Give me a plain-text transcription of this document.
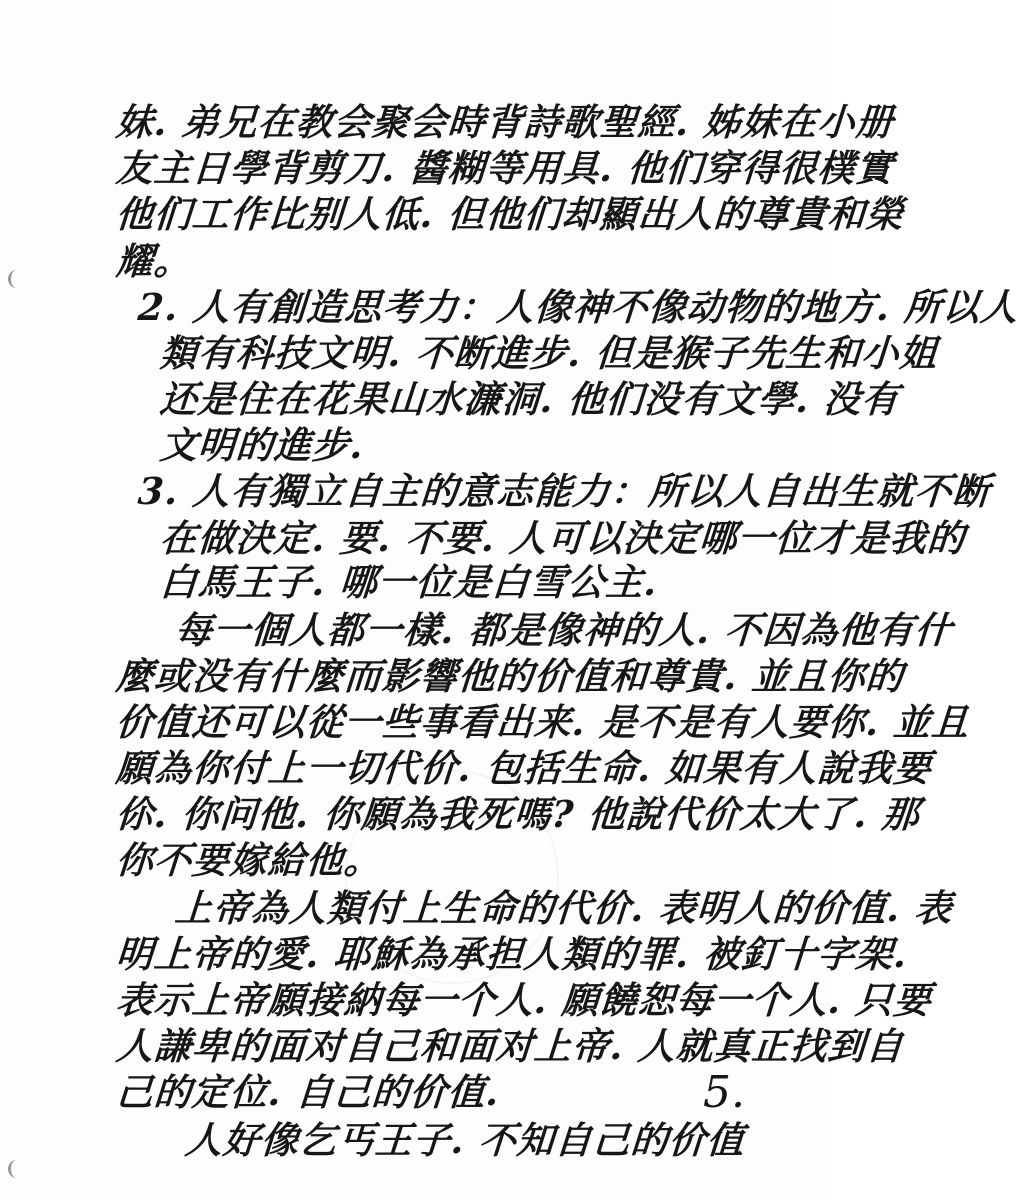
妹. 弟兄在教会聚会時背詩歌聖經. 姊妹在小册
友主日學背剪刀. 醬糊等用具. 他们穿得很樸實
他们工作比别人低. 但他们却顯出人的尊貴和榮
耀。
2. 人有創造思考力：人像神不像动物的地方. 所以人
類有科技文明. 不断進步. 但是猴子先生和小姐
还是住在花果山水濂洞. 他们没有文學. 没有
文明的進步.
3. 人有獨立自主的意志能力：所以人自出生就不断
在做決定. 要. 不要. 人可以決定哪一位才是我的
白馬王子. 哪一位是白雪公主.
每一個人都一樣. 都是像神的人. 不因為他有什
麼或没有什麼而影響他的价值和尊貴. 並且你的
价值还可以從一些事看出来. 是不是有人要你. 並且
願為你付上一切代价. 包括生命. 如果有人說我要
伱. 你问他. 你願為我死嗎? 他說代价太大了. 那
你不要嫁給他。
上帝為人類付上生命的代价. 表明人的价值. 表
明上帝的愛. 耶穌為承担人類的罪. 被釘十字架.
表示上帝願接納每一个人. 願饒恕每一个人. 只要
人謙卑的面对自己和面对上帝. 人就真正找到自
己的定位. 自己的价值.
人好像乞丐王子. 不知自己的价值
5.
